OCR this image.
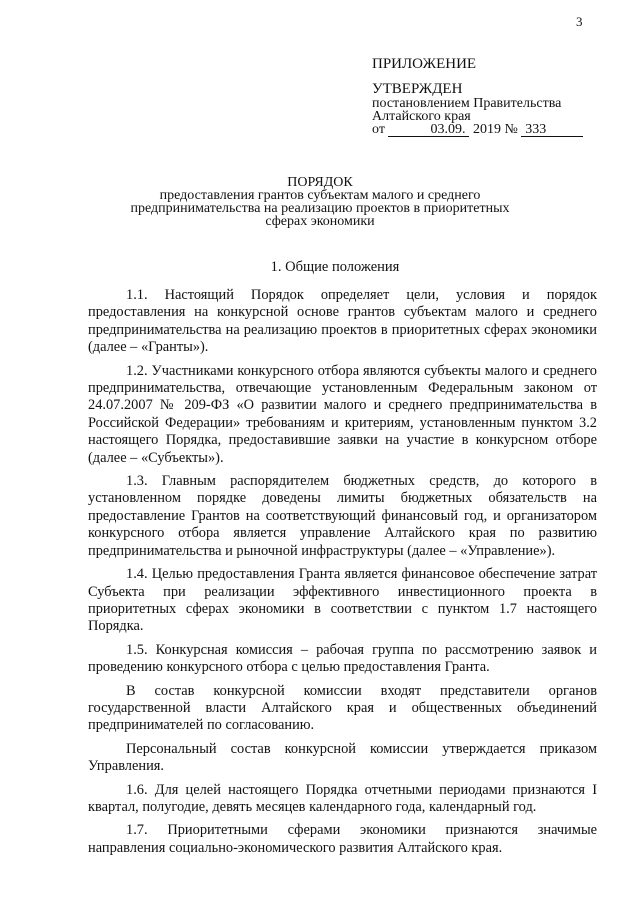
3
ПРИЛОЖЕНИЕ
УТВЕРЖДЕН
постановлением Правительства
Алтайского края
от	03.09. 2019 № 333
ПОРЯДОК
предоставления грантов субъектам малого и среднего предпринимательства на реализацию проектов в приоритетных сферах экономики
1. Общие положения

1.1. Настоящий Порядок определяет цели, условия и порядок предоставления на конкурсной основе грантов субъектам малого и среднего предпринимательства на реализацию проектов в приоритетных сферах экономики (далее – «Гранты»).

1.2. Участниками конкурсного отбора являются субъекты малого и среднего предпринимательства, отвечающие установленным Федеральным законом от 24.07.2007 № 209-ФЗ «О развитии малого и среднего предпринимательства в Российской Федерации» требованиям и критериям, установленным пунктом 3.2 настоящего Порядка, предоставившие заявки на участие в конкурсном отборе (далее – «Субъекты»).

1.3. Главным распорядителем бюджетных средств, до которого в установленном порядке доведены лимиты бюджетных обязательств на предоставление Грантов на соответствующий финансовый год, и организатором конкурсного отбора является управление Алтайского края по развитию предпринимательства и рыночной инфраструктуры (далее – «Управление»).

1.4. Целью предоставления Гранта является финансовое обеспечение затрат Субъекта при реализации эффективного инвестиционного проекта в приоритетных сферах экономики в соответствии с пунктом 1.7 настоящего Порядка.

1.5. Конкурсная комиссия – рабочая группа по рассмотрению заявок и проведению конкурсного отбора с целью предоставления Гранта.

В состав конкурсной комиссии входят представители органов государственной власти Алтайского края и общественных объединений предпринимателей по согласованию.

Персональный состав конкурсной комиссии утверждается приказом Управления.

1.6. Для целей настоящего Порядка отчетными периодами признаются I квартал, полугодие, девять месяцев календарного года, календарный год.

1.7. Приоритетными сферами экономики признаются значимые направления социально-экономического развития Алтайского края.
